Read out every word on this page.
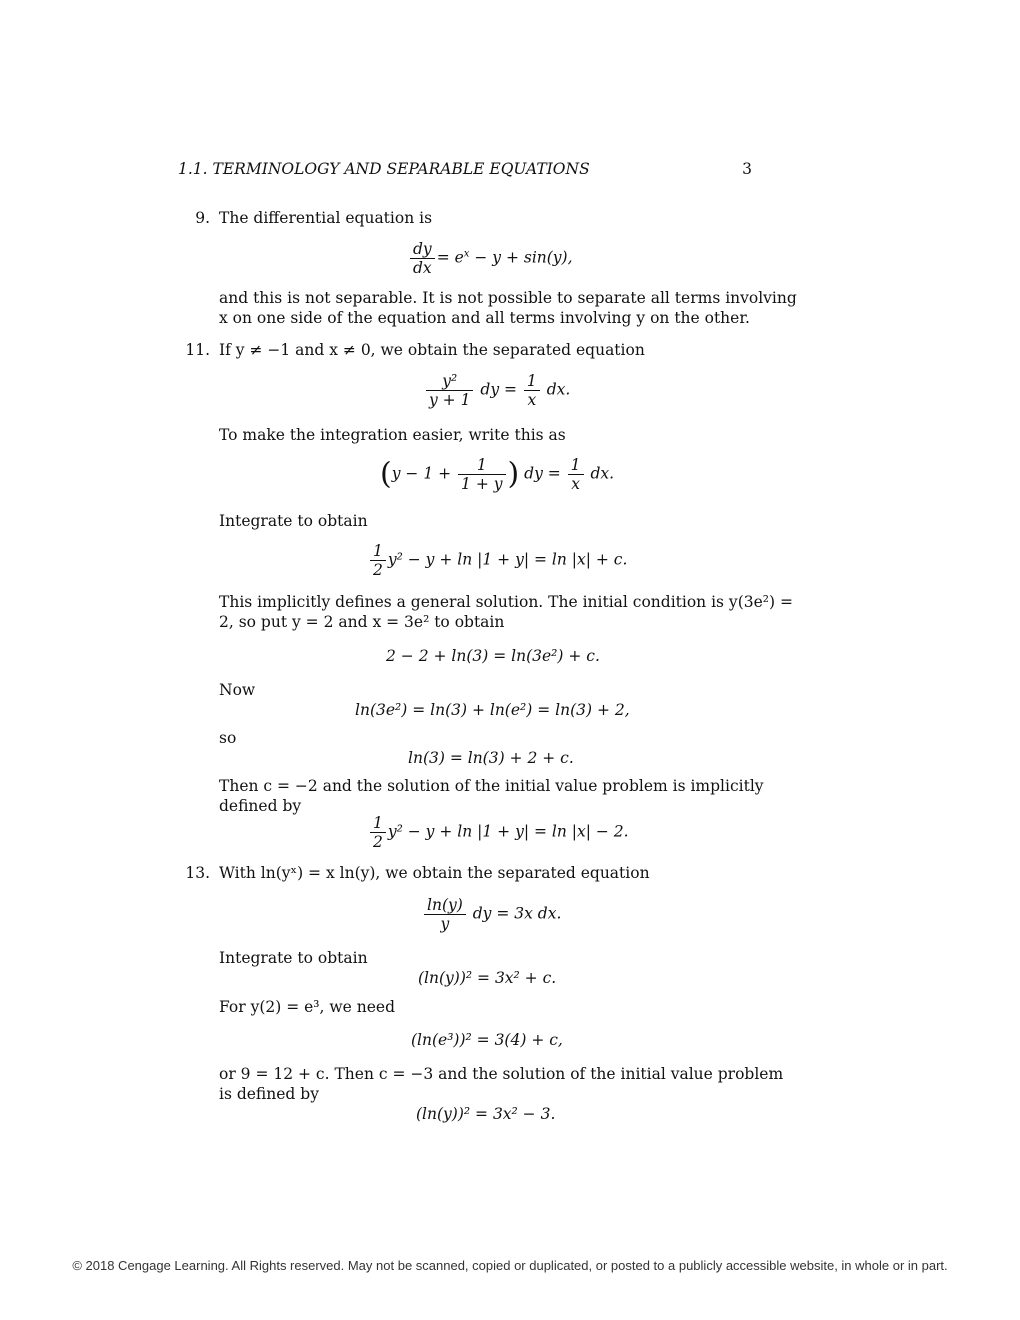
1.1. TERMINOLOGY AND SEPARABLE EQUATIONS	3
9. The differential equation is
$\frac{dy}{dx} = e^x - y + \sin(y)$,
and this is not separable. It is not possible to separate all terms involving
x on one side of the equation and all terms involving y on the other.
11. If y ≠ −1 and x ≠ 0, we obtain the separated equation
$\frac{\text{y²}}{y + 1}$ dy = $\frac{1}{x}$ dx.
To make the integration easier, write this as
($y - 1 + \frac{1}{1 + y}$ ) dy = $\frac{1}{x}$ dx.
Integrate to obtain
$\frac{1}{2} y^2 - y + \ln |1 + y| = \ln |x| + c$.
This implicitly defines a general solution. The initial condition is y(3e²) =
2, so put y = 2 and x = 3e² to obtain
2 − 2 + ln(3) = ln(3e²) + c.
Now
ln(3e²) = ln(3) + ln(e²) = ln(3) + 2,
so
ln(3) = ln(3) + 2 + c.
Then c = −2 and the solution of the initial value problem is implicitly
defined by
$\frac{1}{2} y^2 - y + \ln |1 + y| = \ln |x| - 2$.
13. With ln(yˣ) = x ln(y), we obtain the separated equation
$\frac{\ln(y)}{y}$ dy = 3x dx.
Integrate to obtain
(ln(y))² = 3x² + c.
For y(2) = e³, we need
(ln(e³))² = 3(4) + c,
or 9 = 12 + c. Then c = −3 and the solution of the initial value problem
is defined by
(ln(y))² = 3x² − 3.
© 2018 Cengage Learning. All Rights reserved. May not be scanned, copied or duplicated, or posted to a publicly accessible website, in whole or in part.
